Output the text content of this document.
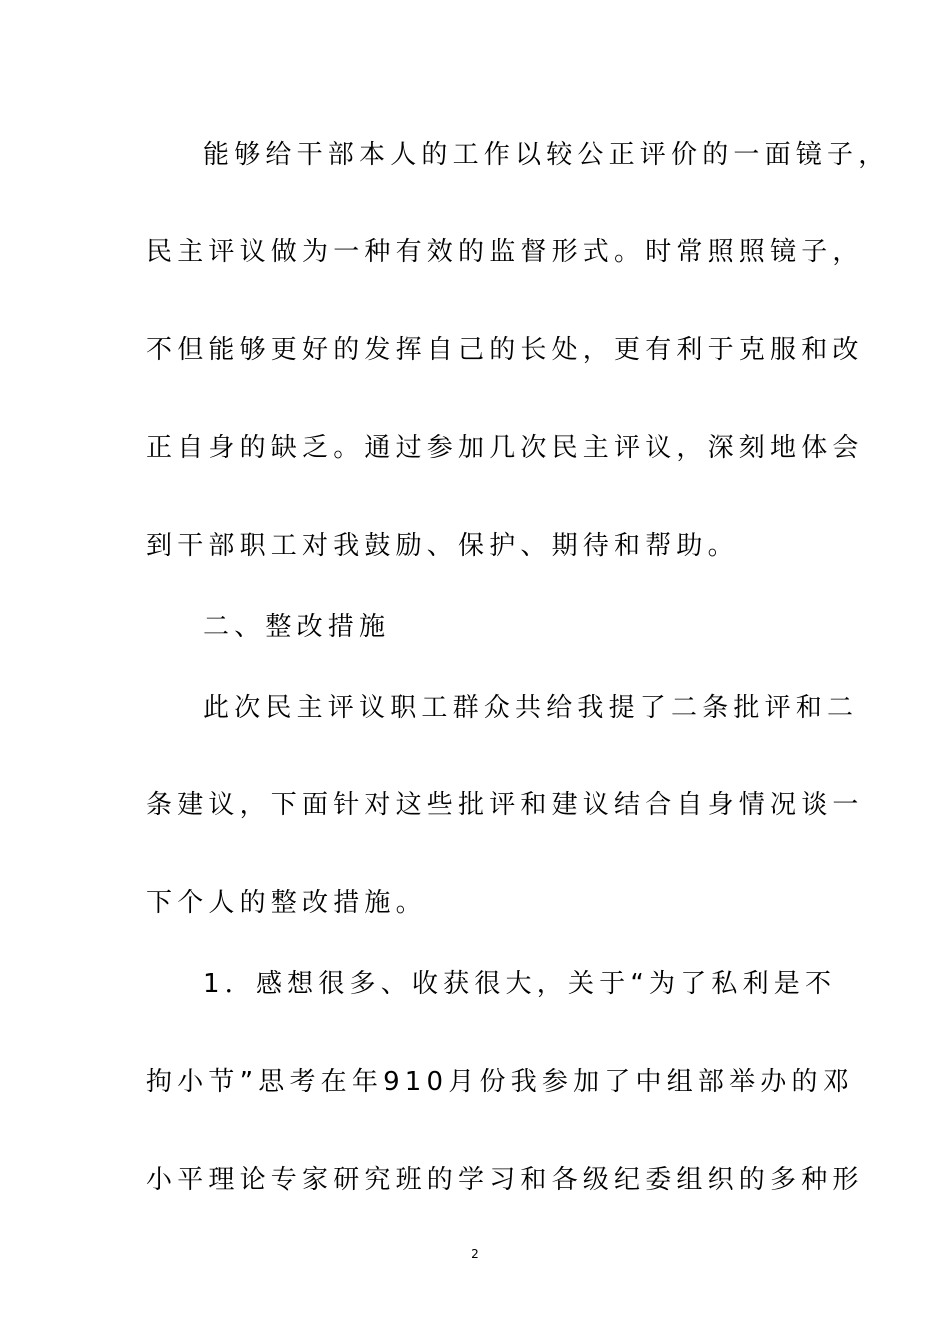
能够给干部本人的工作以较公正评价的一面镜子，
民主评议做为一种有效的监督形式。时常照照镜子，
不但能够更好的发挥自己的长处，更有利于克服和改
正自身的缺乏。通过参加几次民主评议，深刻地体会
到干部职工对我鼓励、保护、期待和帮助。
二、整改措施
此次民主评议职工群众共给我提了二条批评和二
条建议，下面针对这些批评和建议结合自身情况谈一
下个人的整改措施。
1．感想很多、收获很大，关于“为了私利是不
拘小节”思考在年910月份我参加了中组部举办的邓
小平理论专家研究班的学习和各级纪委组织的多种形
2
